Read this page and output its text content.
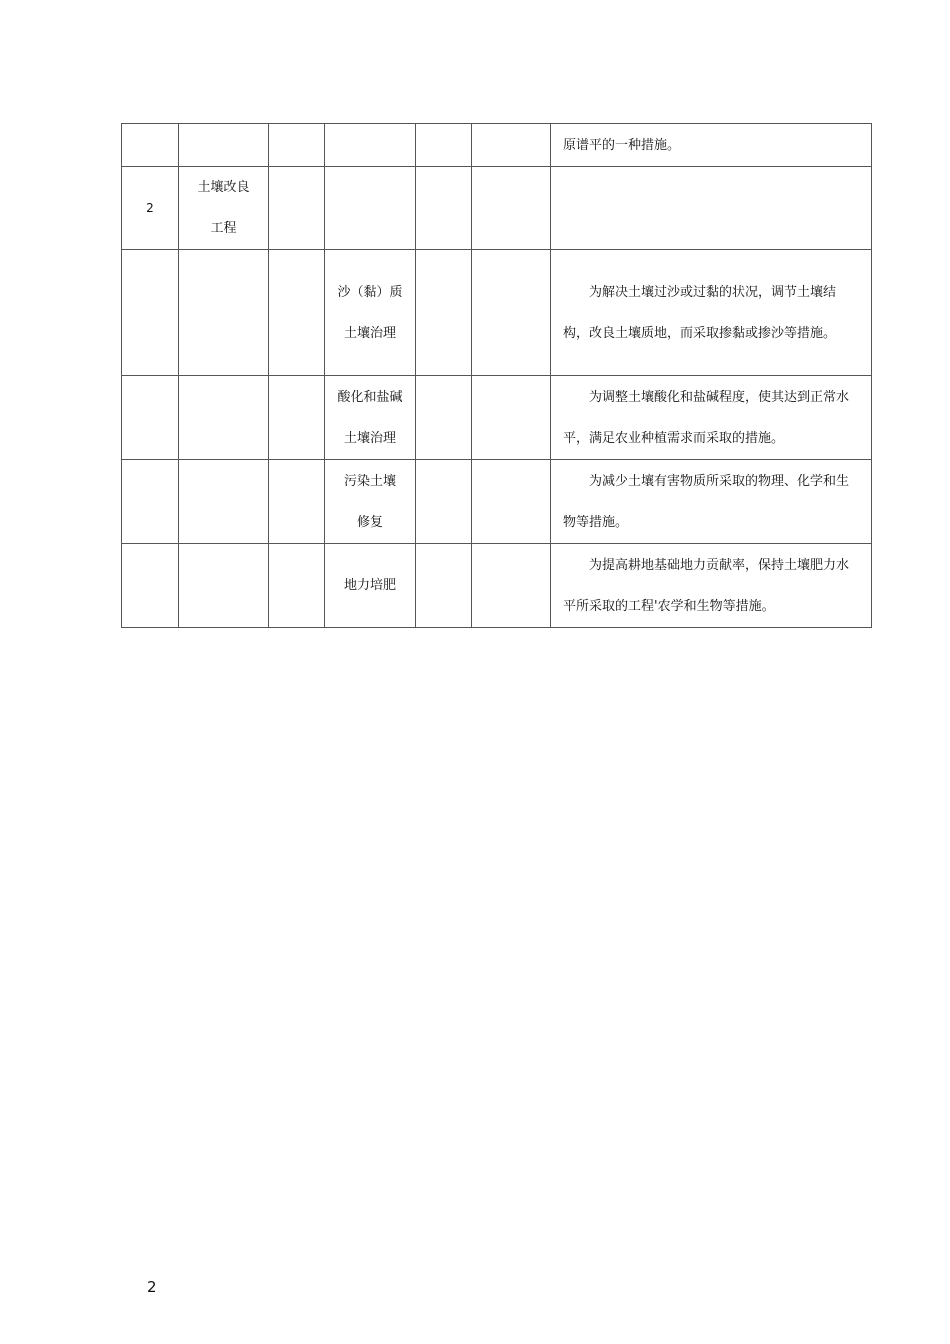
						原谱平的一种措施。

2	土壤改良
工程					

			沙（黏）质
土壤治理			为解决土壤过沙或过黏的状况，调节土壤结
构，改良土壤质地，而采取掺黏或掺沙等措施。

			酸化和盐碱
土壤治理			为调整土壤酸化和盐碱程度，使其达到正常水
平，满足农业种植需求而采取的措施。

			污染土壤
修复			为减少土壤有害物质所采取的物理、化学和生
物等措施。

			地力培肥			为提高耕地基础地力贡献率，保持土壤肥力水
平所采取的工程'农学和生物等措施。
2
